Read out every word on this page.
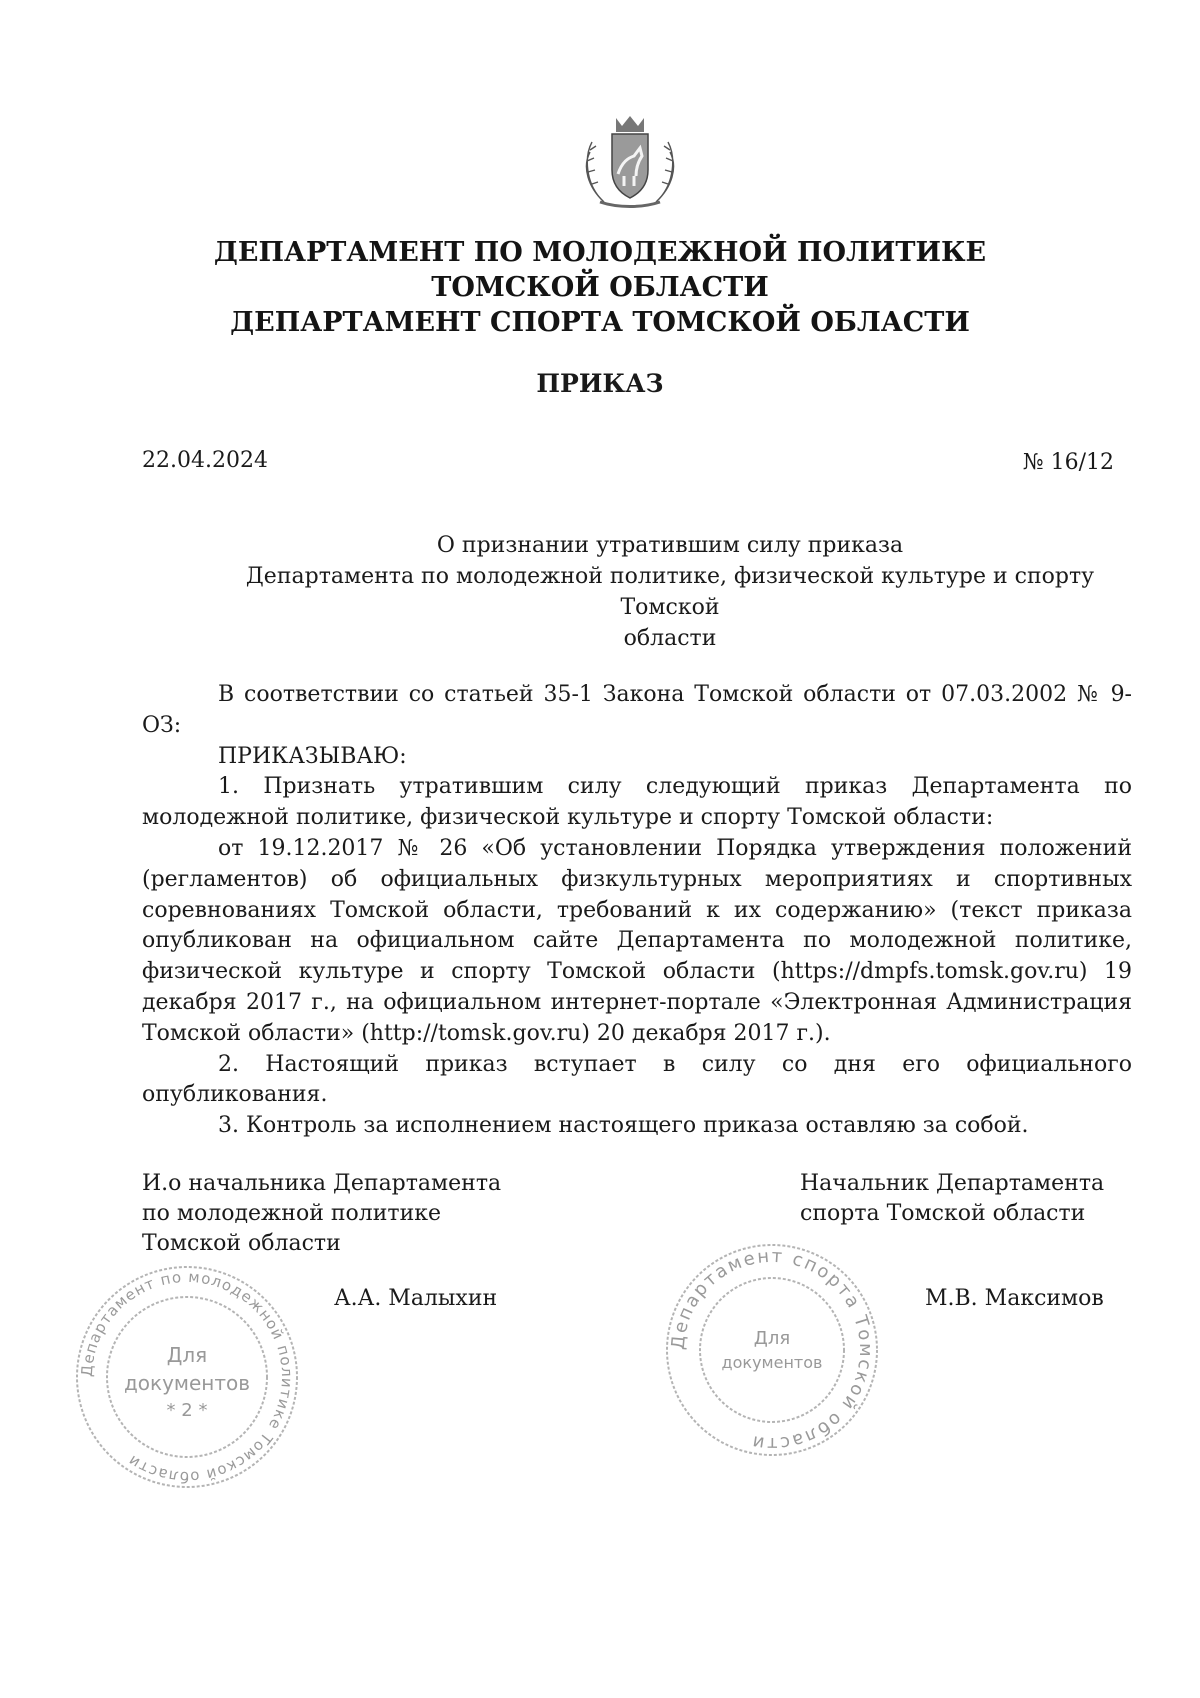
ДЕПАРТАМЕНТ ПО МОЛОДЕЖНОЙ ПОЛИТИКЕ
ТОМСКОЙ ОБЛАСТИ
ДЕПАРТАМЕНТ СПОРТА ТОМСКОЙ ОБЛАСТИ
ПРИКАЗ
22.04.2024	№ 16/12
О признании утратившим силу приказа
Департамента по молодежной политике, физической культуре и спорту Томской
области

В соответствии со статьей 35-1 Закона Томской области от 07.03.2002 № 9-ОЗ:

ПРИКАЗЫВАЮ:

1. Признать утратившим силу следующий приказ Департамента по молодежной политике, физической культуре и спорту Томской области:

от 19.12.2017 № 26 «Об установлении Порядка утверждения положений (регламентов) об официальных физкультурных мероприятиях и спортивных соревнованиях Томской области, требований к их содержанию» (текст приказа опубликован на официальном сайте Департамента по молодежной политике, физической культуре и спорту Томской области (https://dmpfs.tomsk.gov.ru) 19 декабря 2017 г., на официальном интернет-портале «Электронная Администрация Томской области» (http://tomsk.gov.ru) 20 декабря 2017 г.).

2. Настоящий приказ вступает в силу со дня его официального опубликования.

3. Контроль за исполнением настоящего приказа оставляю за собой.

И.о начальника Департамента
по молодежной политике
Томской области
Начальник Департамента
спорта Томской области
А.А. Малыхин	М.В. Максимов
Департамент по молодежной политике Томской области
Для
документов
* 2 *
Департамент спорта Томской области
Для
документов
